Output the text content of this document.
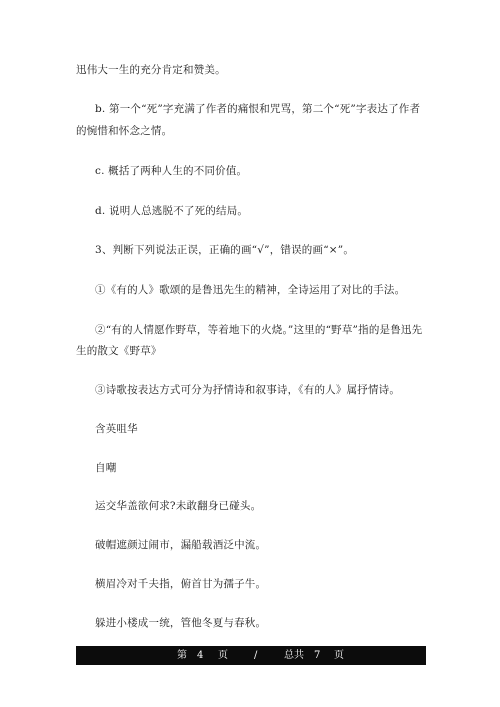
迅伟大一生的充分肯定和赞美。
b. 第一个“死”字充满了作者的痛恨和咒骂，第二个“死”字表达了作者
的惋惜和怀念之情。
c. 概括了两种人生的不同价值。
d. 说明人总逃脱不了死的结局。
3、判断下列说法正误，正确的画“√”，错误的画“×”。
①《有的人》歌颂的是鲁迅先生的精神，全诗运用了对比的手法。
②“有的人情愿作野草，等着地下的火烧。”这里的“野草”指的是鲁迅先
生的散文《野草》
③诗歌按表达方式可分为抒情诗和叙事诗，《有的人》属抒情诗。
含英咀华
自嘲
运交华盖欲何求?未敢翻身已碰头。
破帽遮颜过闹市，漏船载酒泛中流。
横眉冷对千夫指，俯首甘为孺子牛。
躲进小楼成一统，管他冬夏与春秋。
第 4 页	/	总共 7 页
